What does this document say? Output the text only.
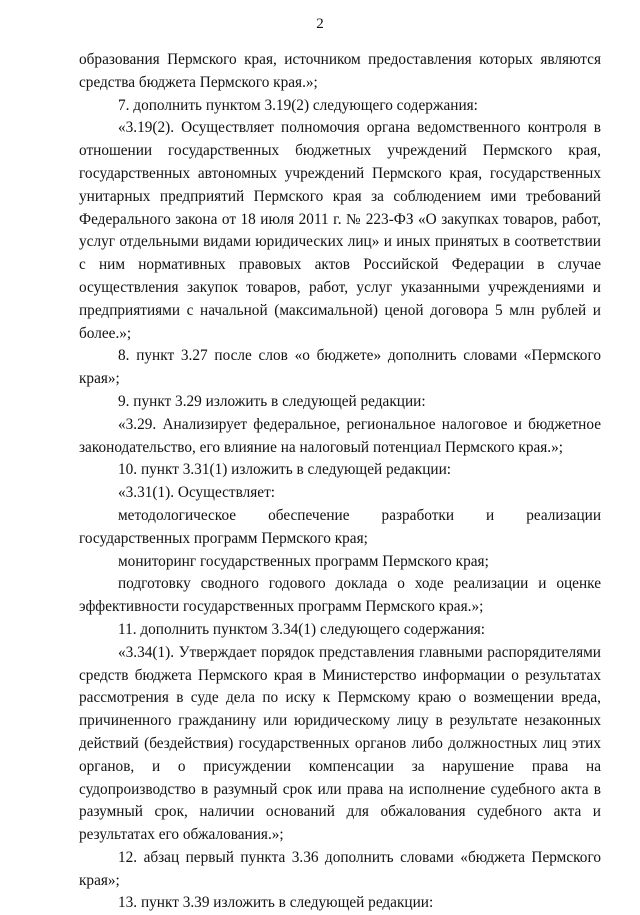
2

образования Пермского края, источником предоставления которых являются средства бюджета Пермского края.»;

7. дополнить пунктом 3.19(2) следующего содержания:

«3.19(2). Осуществляет полномочия органа ведомственного контроля в отношении государственных бюджетных учреждений Пермского края, государственных автономных учреждений Пермского края, государственных унитарных предприятий Пермского края за соблюдением ими требований Федерального закона от 18 июля 2011 г. № 223-ФЗ «О закупках товаров, работ, услуг отдельными видами юридических лиц» и иных принятых в соответствии с ним нормативных правовых актов Российской Федерации в случае осуществления закупок товаров, работ, услуг указанными учреждениями и предприятиями с начальной (максимальной) ценой договора 5 млн рублей и более.»;

8. пункт 3.27 после слов «о бюджете» дополнить словами «Пермского края»;

9. пункт 3.29 изложить в следующей редакции:

«3.29. Анализирует федеральное, региональное налоговое и бюджетное законодательство, его влияние на налоговый потенциал Пермского края.»;

10. пункт 3.31(1) изложить в следующей редакции:

«3.31(1). Осуществляет:

методологическое обеспечение разработки и реализации государственных программ Пермского края;

мониторинг государственных программ Пермского края;

подготовку сводного годового доклада о ходе реализации и оценке эффективности государственных программ Пермского края.»;

11. дополнить пунктом 3.34(1) следующего содержания:

«3.34(1). Утверждает порядок представления главными распорядителями средств бюджета Пермского края в Министерство информации о результатах рассмотрения в суде дела по иску к Пермскому краю о возмещении вреда, причиненного гражданину или юридическому лицу в результате незаконных действий (бездействия) государственных органов либо должностных лиц этих органов, и о присуждении компенсации за нарушение права на судопроизводство в разумный срок или права на исполнение судебного акта в разумный срок, наличии оснований для обжалования судебного акта и результатах его обжалования.»;

12. абзац первый пункта 3.36 дополнить словами «бюджета Пермского края»;

13. пункт 3.39 изложить в следующей редакции:
